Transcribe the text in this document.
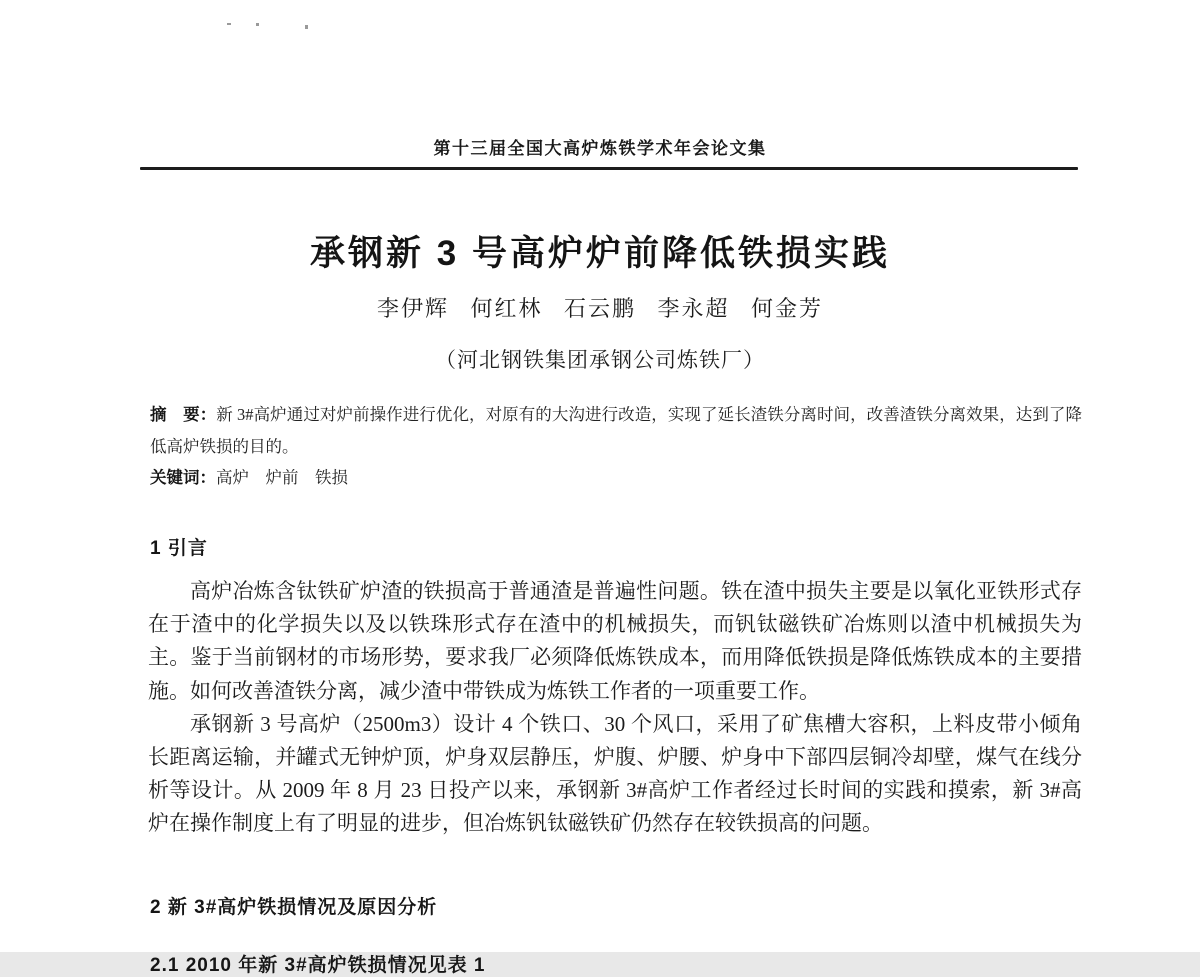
第十三届全国大高炉炼铁学术年会论文集
承钢新 3 号高炉炉前降低铁损实践
李伊辉 何红林 石云鹏 李永超 何金芳
（河北钢铁集团承钢公司炼铁厂）

摘　要：新 3#高炉通过对炉前操作进行优化，对原有的大沟进行改造，实现了延长渣铁分离时间，改善渣铁分离效果，达到了降低高炉铁损的目的。

关键词：高炉　炉前　铁损

1 引言

高炉冶炼含钛铁矿炉渣的铁损高于普通渣是普遍性问题。铁在渣中损失主要是以氧化亚铁形式存在于渣中的化学损失以及以铁珠形式存在渣中的机械损失，而钒钛磁铁矿冶炼则以渣中机械损失为主。鉴于当前钢材的市场形势，要求我厂必须降低炼铁成本，而用降低铁损是降低炼铁成本的主要措施。如何改善渣铁分离，减少渣中带铁成为炼铁工作者的一项重要工作。

承钢新 3 号高炉（2500m3）设计 4 个铁口、30 个风口，采用了矿焦槽大容积，上料皮带小倾角长距离运输，并罐式无钟炉顶，炉身双层静压，炉腹、炉腰、炉身中下部四层铜冷却壁，煤气在线分析等设计。从 2009 年 8 月 23 日投产以来，承钢新 3#高炉工作者经过长时间的实践和摸索，新 3#高炉在操作制度上有了明显的进步，但冶炼钒钛磁铁矿仍然存在较铁损高的问题。

2 新 3#高炉铁损情况及原因分析
2.1 2010 年新 3#高炉铁损情况见表 1
